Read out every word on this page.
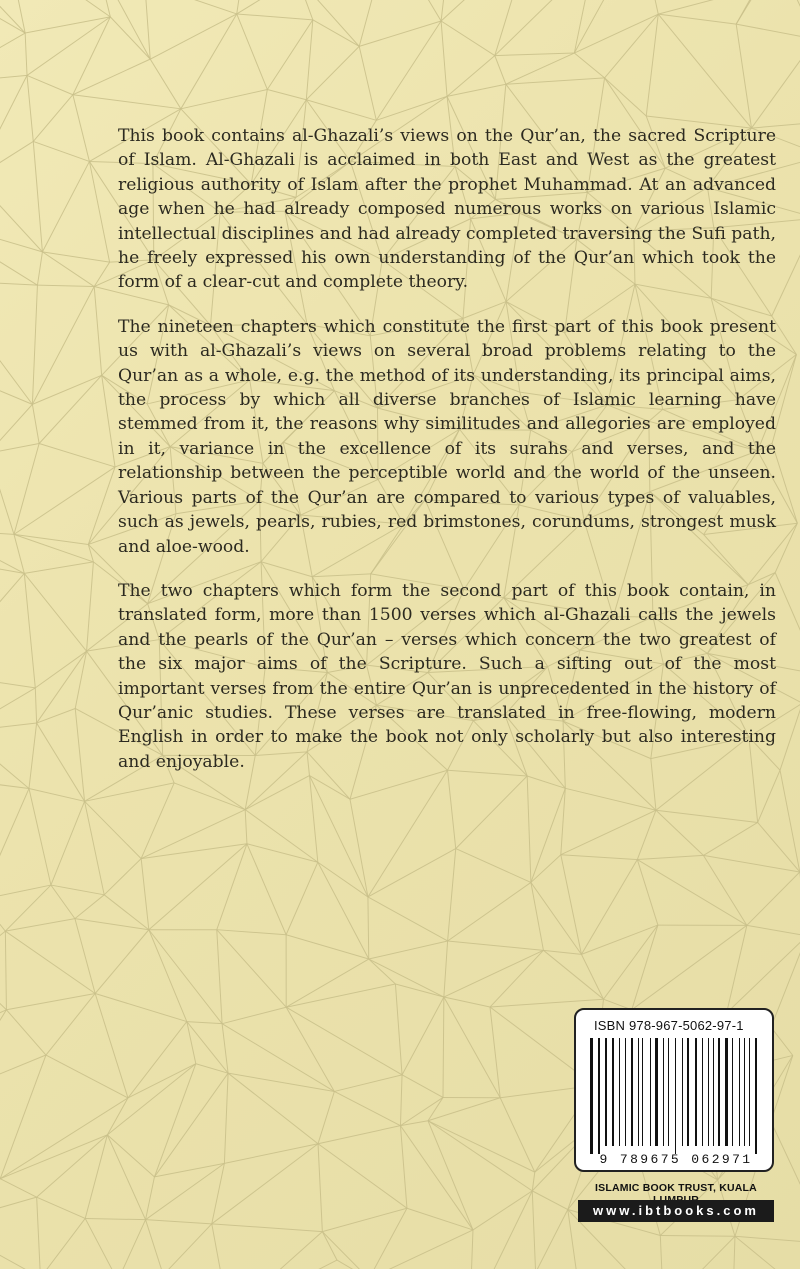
This book contains al-Ghazali’s views on the Qur’an, the sacred Scripture of Islam. Al-Ghazali is acclaimed in both East and West as the greatest religious authority of Islam after the prophet Muhammad. At an advanced age when he had already composed numerous works on various Islamic intellectual disciplines and had already completed traversing the Sufi path, he freely expressed his own understanding of the Qur’an which took the form of a clear-cut and complete theory.

The nineteen chapters which constitute the first part of this book present us with al-Ghazali’s views on several broad problems relating to the Qur’an as a whole, e.g. the method of its understanding, its principal aims, the process by which all diverse branches of Islamic learning have stemmed from it, the reasons why similitudes and allegories are employed in it, variance in the excellence of its surahs and verses, and the relationship between the perceptible world and the world of the unseen. Various parts of the Qur’an are compared to various types of valuables, such as jewels, pearls, rubies, red brimstones, corundums, strongest musk and aloe-wood.

The two chapters which form the second part of this book contain, in translated form, more than 1500 verses which al-Ghazali calls the jewels and the pearls of the Qur’an – verses which concern the two greatest of the six major aims of the Scripture. Such a sifting out of the most important verses from the entire Qur’an is unprecedented in the history of Qur’anic studies. These verses are translated in free-flowing, modern English in order to make the book not only scholarly but also interesting and enjoyable.

ISBN 978-967-5062-97-1
9 789675 062971
ISLAMIC BOOK TRUST, KUALA
www.ibtbooks.com
